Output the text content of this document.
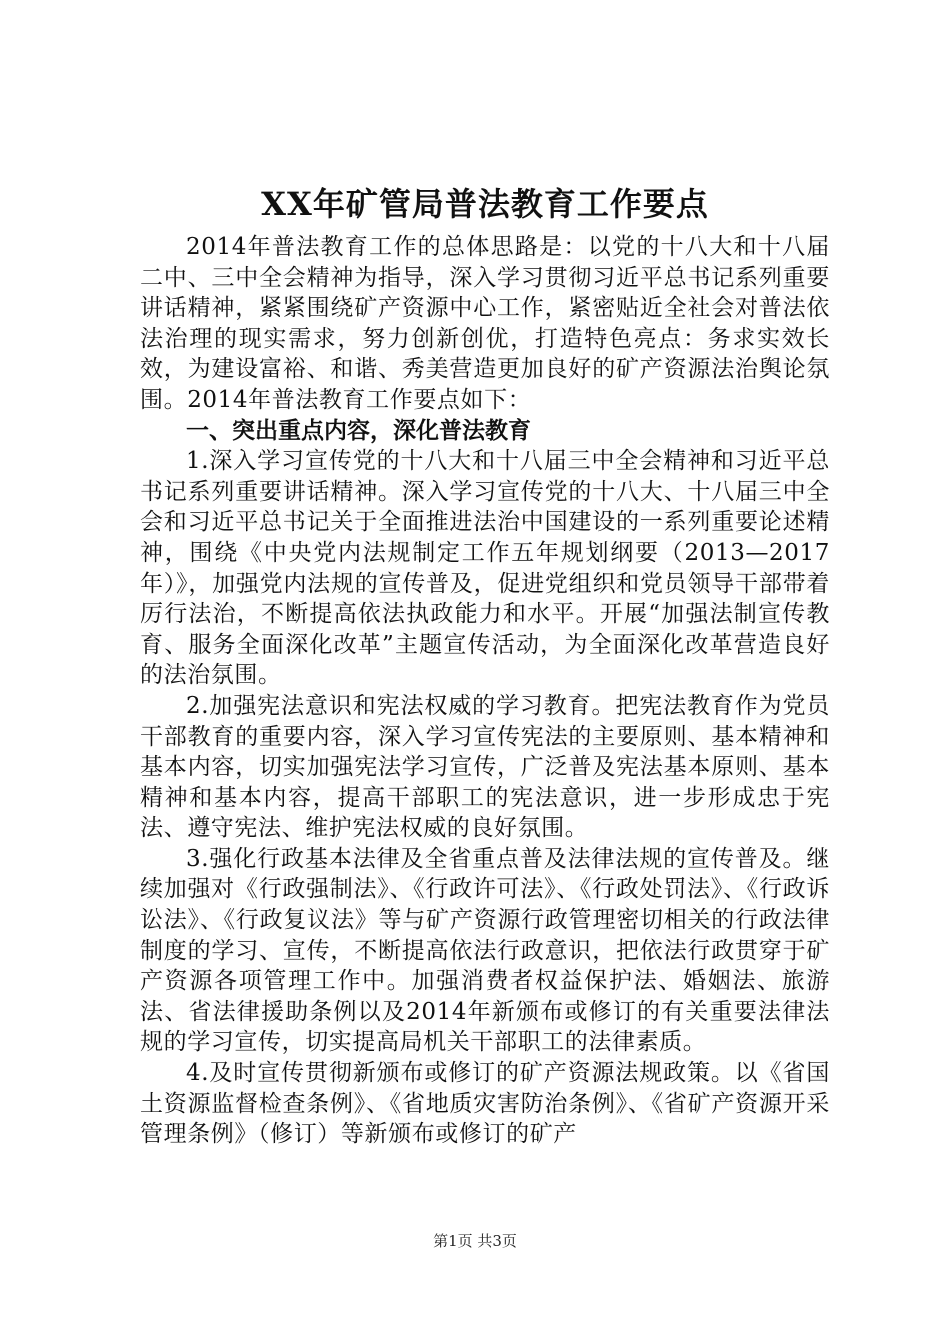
XX年矿管局普法教育工作要点

2014年普法教育工作的总体思路是：以党的十八大和十八届二中、三中全会精神为指导，深入学习贯彻习近平总书记系列重要讲话精神，紧紧围绕矿产资源中心工作，紧密贴近全社会对普法依法治理的现实需求，努力创新创优，打造特色亮点：务求实效长效，为建设富裕、和谐、秀美营造更加良好的矿产资源法治舆论氛围。2014年普法教育工作要点如下：

一、突出重点内容，深化普法教育

1.深入学习宣传党的十八大和十八届三中全会精神和习近平总书记系列重要讲话精神。深入学习宣传党的十八大、十八届三中全会和习近平总书记关于全面推进法治中国建设的一系列重要论述精神，围绕《中央党内法规制定工作五年规划纲要（2013—2017年）》，加强党内法规的宣传普及，促进党组织和党员领导干部带着厉行法治，不断提高依法执政能力和水平。开展“加强法制宣传教育、服务全面深化改革”主题宣传活动，为全面深化改革营造良好的法治氛围。

2.加强宪法意识和宪法权威的学习教育。把宪法教育作为党员干部教育的重要内容，深入学习宣传宪法的主要原则、基本精神和基本内容，切实加强宪法学习宣传，广泛普及宪法基本原则、基本精神和基本内容，提高干部职工的宪法意识，进一步形成忠于宪法、遵守宪法、维护宪法权威的良好氛围。

3.强化行政基本法律及全省重点普及法律法规的宣传普及。继续加强对《行政强制法》、《行政许可法》、《行政处罚法》、《行政诉讼法》、《行政复议法》等与矿产资源行政管理密切相关的行政法律制度的学习、宣传，不断提高依法行政意识，把依法行政贯穿于矿产资源各项管理工作中。加强消费者权益保护法、婚姻法、旅游法、省法律援助条例以及2014年新颁布或修订的有关重要法律法规的学习宣传，切实提高局机关干部职工的法律素质。

4.及时宣传贯彻新颁布或修订的矿产资源法规政策。以《省国土资源监督检查条例》、《省地质灾害防治条例》、《省矿产资源开采管理条例》（修订）等新颁布或修订的矿产

第1页 共3页
